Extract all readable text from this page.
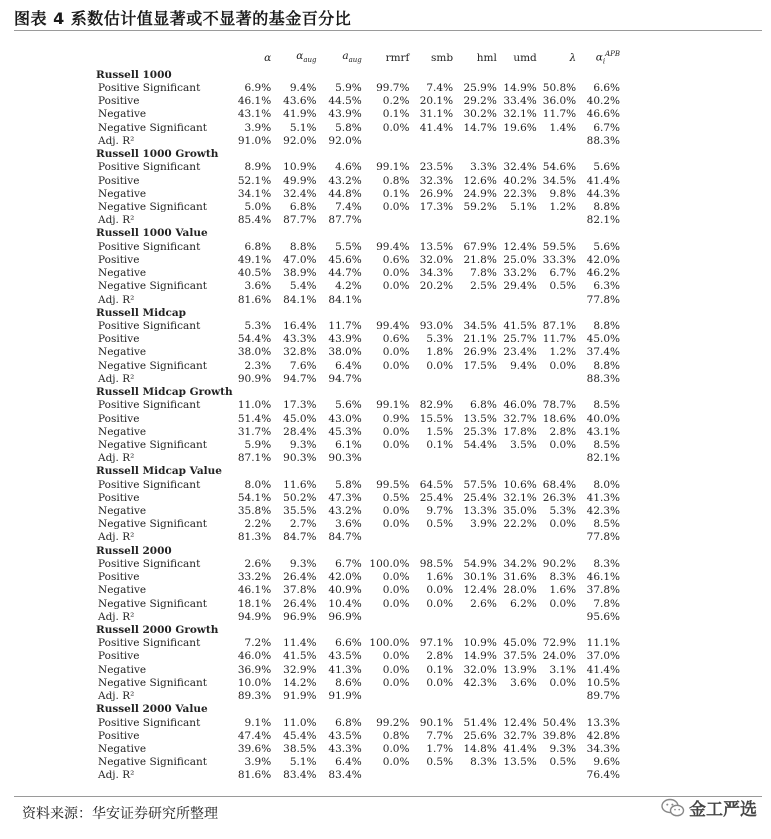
图表 4 系数估计值显著或不显著的基金百分比
	α	$\alpha_{aug}$	$a_{aug}$	rmrf	smb	hml	umd	λ	$\alpha_i^{APB}$
Russell 1000									
Positive Significant	6.9%	9.4%	5.9%	99.7%	7.4%	25.9%	14.9%	50.8%	6.6%
Positive	46.1%	43.6%	44.5%	0.2%	20.1%	29.2%	33.4%	36.0%	40.2%
Negative	43.1%	41.9%	43.9%	0.1%	31.1%	30.2%	32.1%	11.7%	46.6%
Negative Significant	3.9%	5.1%	5.8%	0.0%	41.4%	14.7%	19.6%	1.4%	6.7%
Adj. R²	91.0%	92.0%	92.0%						88.3%
Russell 1000 Growth									
Positive Significant	8.9%	10.9%	4.6%	99.1%	23.5%	3.3%	32.4%	54.6%	5.6%
Positive	52.1%	49.9%	43.2%	0.8%	32.3%	12.6%	40.2%	34.5%	41.4%
Negative	34.1%	32.4%	44.8%	0.1%	26.9%	24.9%	22.3%	9.8%	44.3%
Negative Significant	5.0%	6.8%	7.4%	0.0%	17.3%	59.2%	5.1%	1.2%	8.8%
Adj. R²	85.4%	87.7%	87.7%						82.1%
Russell 1000 Value									
Positive Significant	6.8%	8.8%	5.5%	99.4%	13.5%	67.9%	12.4%	59.5%	5.6%
Positive	49.1%	47.0%	45.6%	0.6%	32.0%	21.8%	25.0%	33.3%	42.0%
Negative	40.5%	38.9%	44.7%	0.0%	34.3%	7.8%	33.2%	6.7%	46.2%
Negative Significant	3.6%	5.4%	4.2%	0.0%	20.2%	2.5%	29.4%	0.5%	6.3%
Adj. R²	81.6%	84.1%	84.1%						77.8%
Russell Midcap									
Positive Significant	5.3%	16.4%	11.7%	99.4%	93.0%	34.5%	41.5%	87.1%	8.8%
Positive	54.4%	43.3%	43.9%	0.6%	5.3%	21.1%	25.7%	11.7%	45.0%
Negative	38.0%	32.8%	38.0%	0.0%	1.8%	26.9%	23.4%	1.2%	37.4%
Negative Significant	2.3%	7.6%	6.4%	0.0%	0.0%	17.5%	9.4%	0.0%	8.8%
Adj. R²	90.9%	94.7%	94.7%						88.3%
Russell Midcap Growth									
Positive Significant	11.0%	17.3%	5.6%	99.1%	82.9%	6.8%	46.0%	78.7%	8.5%
Positive	51.4%	45.0%	43.0%	0.9%	15.5%	13.5%	32.7%	18.6%	40.0%
Negative	31.7%	28.4%	45.3%	0.0%	1.5%	25.3%	17.8%	2.8%	43.1%
Negative Significant	5.9%	9.3%	6.1%	0.0%	0.1%	54.4%	3.5%	0.0%	8.5%
Adj. R²	87.1%	90.3%	90.3%						82.1%
Russell Midcap Value									
Positive Significant	8.0%	11.6%	5.8%	99.5%	64.5%	57.5%	10.6%	68.4%	8.0%
Positive	54.1%	50.2%	47.3%	0.5%	25.4%	25.4%	32.1%	26.3%	41.3%
Negative	35.8%	35.5%	43.2%	0.0%	9.7%	13.3%	35.0%	5.3%	42.3%
Negative Significant	2.2%	2.7%	3.6%	0.0%	0.5%	3.9%	22.2%	0.0%	8.5%
Adj. R²	81.3%	84.7%	84.7%						77.8%
Russell 2000									
Positive Significant	2.6%	9.3%	6.7%	100.0%	98.5%	54.9%	34.2%	90.2%	8.3%
Positive	33.2%	26.4%	42.0%	0.0%	1.6%	30.1%	31.6%	8.3%	46.1%
Negative	46.1%	37.8%	40.9%	0.0%	0.0%	12.4%	28.0%	1.6%	37.8%
Negative Significant	18.1%	26.4%	10.4%	0.0%	0.0%	2.6%	6.2%	0.0%	7.8%
Adj. R²	94.9%	96.9%	96.9%						95.6%
Russell 2000 Growth									
Positive Significant	7.2%	11.4%	6.6%	100.0%	97.1%	10.9%	45.0%	72.9%	11.1%
Positive	46.0%	41.5%	43.5%	0.0%	2.8%	14.9%	37.5%	24.0%	37.0%
Negative	36.9%	32.9%	41.3%	0.0%	0.1%	32.0%	13.9%	3.1%	41.4%
Negative Significant	10.0%	14.2%	8.6%	0.0%	0.0%	42.3%	3.6%	0.0%	10.5%
Adj. R²	89.3%	91.9%	91.9%						89.7%
Russell 2000 Value									
Positive Significant	9.1%	11.0%	6.8%	99.2%	90.1%	51.4%	12.4%	50.4%	13.3%
Positive	47.4%	45.4%	43.5%	0.8%	7.7%	25.6%	32.7%	39.8%	42.8%
Negative	39.6%	38.5%	43.3%	0.0%	1.7%	14.8%	41.4%	9.3%	34.3%
Negative Significant	3.9%	5.1%	6.4%	0.0%	0.5%	8.3%	13.5%	0.5%	9.6%
Adj. R²	81.6%	83.4%	83.4%						76.4%
资料来源：华安证券研究所整理	金工严选
